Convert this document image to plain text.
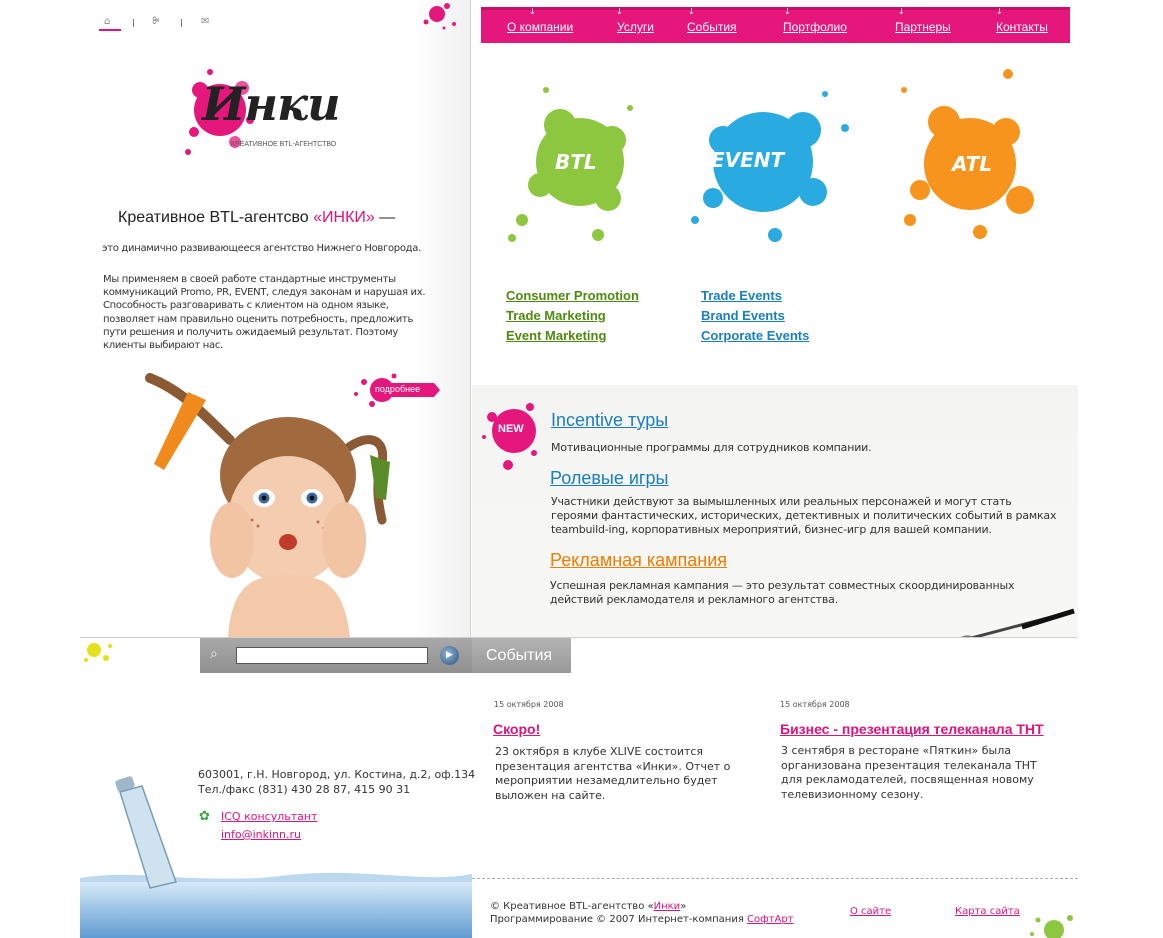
⌂	ꔭ	✉
Инки
КРЕАТИВНОЕ BTL-АГЕНТСТВО
Креативное BTL-агентсво «ИНКИ» —
это динамично развивающееся агентство Нижнего Новгорода.
Мы применяем в своей работе стандартные инструменты коммуникаций Promo, PR, EVENT, следуя законам и нарушая их. Способность разговаривать с клиентом на одном языке, позволяет нам правильно оценить потребность, предложить пути решения и получить ожидаемый результат. Поэтому клиенты выбирают нас.
подробнее
↓
О компании
↓
Услуги
↓
События
↓
Портфолио
↓
Партнеры
↓
Контакты
BTL	EVENT	ATL
Consumer Promotion
Trade Marketing
Event Marketing
Trade Events
Brand Events
Corporate Events
NEW Incentive туры
Мотивационные программы для сотрудников компании.
Ролевые игры
Участники действуют за вымышленных или реальных персонажей и могут стать героями фантастических, исторических, детективных и политических событий в рамках teambuild-ing, корпоративных мероприятий, бизнес-игр для вашей компании.
Рекламная кампания
Успешная рекламная кампания — это результат совместных скоординированных действий рекламодателя и рекламного агентства.
⌕	▶	События
15 октября 2008
Скоро!
23 октября в клубе XLIVE состоится презентация агентства «Инки». Отчет о мероприятии незамедлительно будет выложен на сайте.
15 октября 2008
Бизнес - презентация телеканала ТНТ
3 сентября в ресторане «Пяткин» была организована презентация телеканала ТНТ для рекламодателей, посвященная новому телевизионному сезону.
603001, г.Н. Новгород, ул. Костина, д.2, оф.134
Тел./факс (831) 430 28 87, 415 90 31
✿ ICQ консультант
info@inkinn.ru
© Креативное BTL-агентство «Инки»
Программирование © 2007 Интернет-компания СофтАрт
О сайте	Карта сайта
